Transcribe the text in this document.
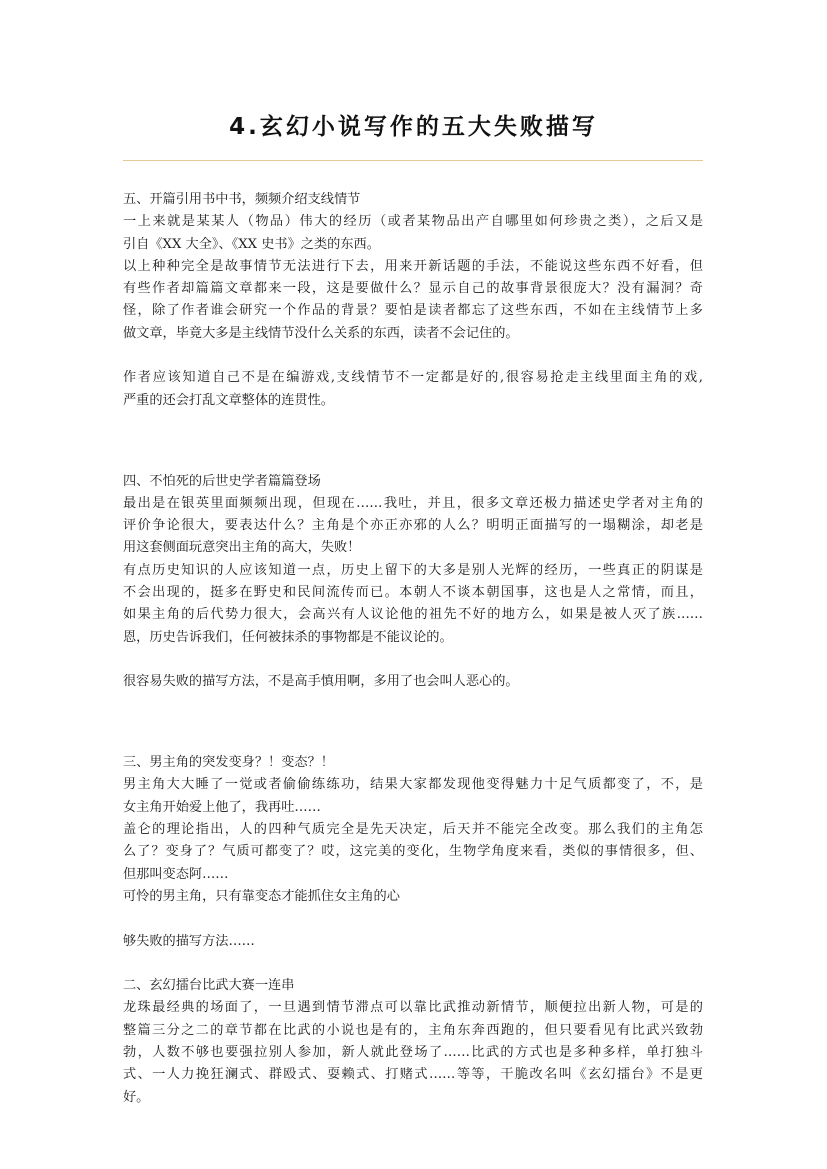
4.玄幻小说写作的五大失败描写
五、开篇引用书中书，频频介绍支线情节
一上来就是某某人（物品）伟大的经历（或者某物品出产自哪里如何珍贵之类），之后又是
引自《XX 大全》、《XX 史书》之类的东西。
以上种种完全是故事情节无法进行下去，用来开新话题的手法，不能说这些东西不好看，但
有些作者却篇篇文章都来一段，这是要做什么？显示自己的故事背景很庞大？没有漏洞？奇
怪，除了作者谁会研究一个作品的背景？要怕是读者都忘了这些东西，不如在主线情节上多
做文章，毕竟大多是主线情节没什么关系的东西，读者不会记住的。
作者应该知道自己不是在编游戏,支线情节不一定都是好的,很容易抢走主线里面主角的戏,
严重的还会打乱文章整体的连贯性。
四、不怕死的后世史学者篇篇登场
最出是在银英里面频频出现，但现在……我吐，并且，很多文章还极力描述史学者对主角的
评价争论很大，要表达什么？主角是个亦正亦邪的人么？明明正面描写的一塌糊涂，却老是
用这套侧面玩意突出主角的高大，失败！
有点历史知识的人应该知道一点，历史上留下的大多是别人光辉的经历，一些真正的阴谋是
不会出现的，挺多在野史和民间流传而已。本朝人不谈本朝国事，这也是人之常情，而且，
如果主角的后代势力很大，会高兴有人议论他的祖先不好的地方么，如果是被人灭了族……
恩，历史告诉我们，任何被抹杀的事物都是不能议论的。
很容易失败的描写方法，不是高手慎用啊，多用了也会叫人恶心的。
三、男主角的突发变身？！变态？！
男主角大大睡了一觉或者偷偷练练功，结果大家都发现他变得魅力十足气质都变了，不，是
女主角开始爱上他了，我再吐……
盖仑的理论指出，人的四种气质完全是先天决定，后天并不能完全改变。那么我们的主角怎
么了？变身了？气质可都变了？哎，这完美的变化，生物学角度来看，类似的事情很多，但、
但那叫变态阿……
可怜的男主角，只有靠变态才能抓住女主角的心
够失败的描写方法……
二、玄幻擂台比武大赛一连串
龙珠最经典的场面了，一旦遇到情节滞点可以靠比武推动新情节，顺便拉出新人物，可是的
整篇三分之二的章节都在比武的小说也是有的，主角东奔西跑的，但只要看见有比武兴致勃
勃，人数不够也要强拉别人参加，新人就此登场了……比武的方式也是多种多样，单打独斗
式、一人力挽狂澜式、群殴式、耍赖式、打赌式……等等，干脆改名叫《玄幻擂台》不是更
好。
